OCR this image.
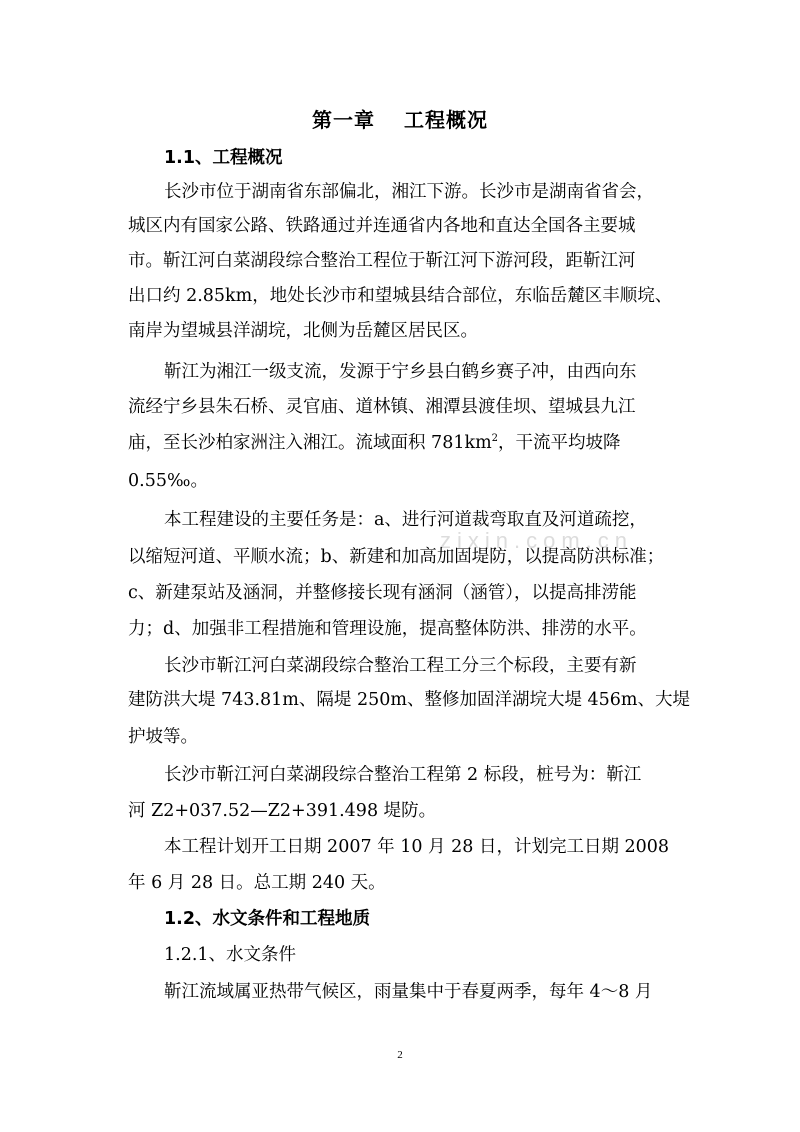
zixin.com.cn
第一章　 工程概况
1.1、工程概况
长沙市位于湖南省东部偏北，湘江下游。长沙市是湖南省省会，
城区内有国家公路、铁路通过并连通省内各地和直达全国各主要城
市。靳江河白菜湖段综合整治工程位于靳江河下游河段，距靳江河
出口约 2.85km，地处长沙市和望城县结合部位，东临岳麓区丰顺垸、
南岸为望城县洋湖垸，北侧为岳麓区居民区。
靳江为湘江一级支流，发源于宁乡县白鹤乡赛子冲，由西向东
流经宁乡县朱石桥、灵官庙、道林镇、湘潭县渡佳坝、望城县九江
庙，至长沙柏家洲注入湘江。流域面积 $781km^2$，干流平均坡降
0.55‰。
本工程建设的主要任务是：a、进行河道裁弯取直及河道疏挖，
以缩短河道、平顺水流；b、新建和加高加固堤防，以提高防洪标准；
c、新建泵站及涵洞，并整修接长现有涵洞（涵管），以提高排涝能
力；d、加强非工程措施和管理设施，提高整体防洪、排涝的水平。
长沙市靳江河白菜湖段综合整治工程工分三个标段，主要有新
建防洪大堤 743.81m、隔堤 250m、整修加固洋湖垸大堤 456m、大堤
护坡等。
长沙市靳江河白菜湖段综合整治工程第 2 标段，桩号为：靳江
河 Z2+037.52—Z2+391.498 堤防。
本工程计划开工日期 2007 年 10 月 28 日，计划完工日期 2008
年 6 月 28 日。总工期 240 天。
1.2、水文条件和工程地质
1.2.1、水文条件
靳江流域属亚热带气候区，雨量集中于春夏两季，每年 4～8 月
2
